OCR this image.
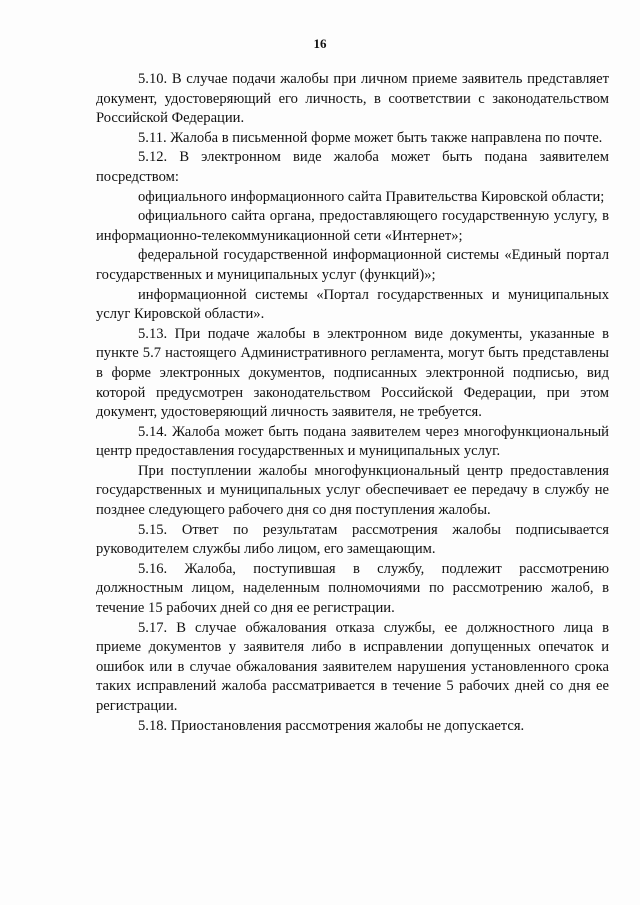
16

5.10. В случае подачи жалобы при личном приеме заявитель представляет документ, удостоверяющий его личность, в соответствии с законодательством Российской Федерации.

5.11. Жалоба в письменной форме может быть также направлена по почте.

5.12. В электронном виде жалоба может быть подана заявителем посредством:

официального информационного сайта Правительства Кировской области;

официального сайта органа, предоставляющего государственную услугу, в информационно-телекоммуникационной сети «Интернет»;

федеральной государственной информационной системы «Единый портал государственных и муниципальных услуг (функций)»;

информационной системы «Портал государственных и муниципальных услуг Кировской области».

5.13. При подаче жалобы в электронном виде документы, указанные в пункте 5.7 настоящего Административного регламента, могут быть представлены в форме электронных документов, подписанных электронной подписью, вид которой предусмотрен законодательством Российской Федерации, при этом документ, удостоверяющий личность заявителя, не требуется.

5.14. Жалоба может быть подана заявителем через многофункциональный центр предоставления государственных и муниципальных услуг.

При поступлении жалобы многофункциональный центр предоставления государственных и муниципальных услуг обеспечивает ее передачу в службу не позднее следующего рабочего дня со дня поступления жалобы.

5.15. Ответ по результатам рассмотрения жалобы подписывается руководителем службы либо лицом, его замещающим.

5.16. Жалоба, поступившая в службу, подлежит рассмотрению должностным лицом, наделенным полномочиями по рассмотрению жалоб, в течение 15 рабочих дней со дня ее регистрации.

5.17. В случае обжалования отказа службы, ее должностного лица в приеме документов у заявителя либо в исправлении допущенных опечаток и ошибок или в случае обжалования заявителем нарушения установленного срока таких исправлений жалоба рассматривается в течение 5 рабочих дней со дня ее регистрации.

5.18. Приостановления рассмотрения жалобы не допускается.
